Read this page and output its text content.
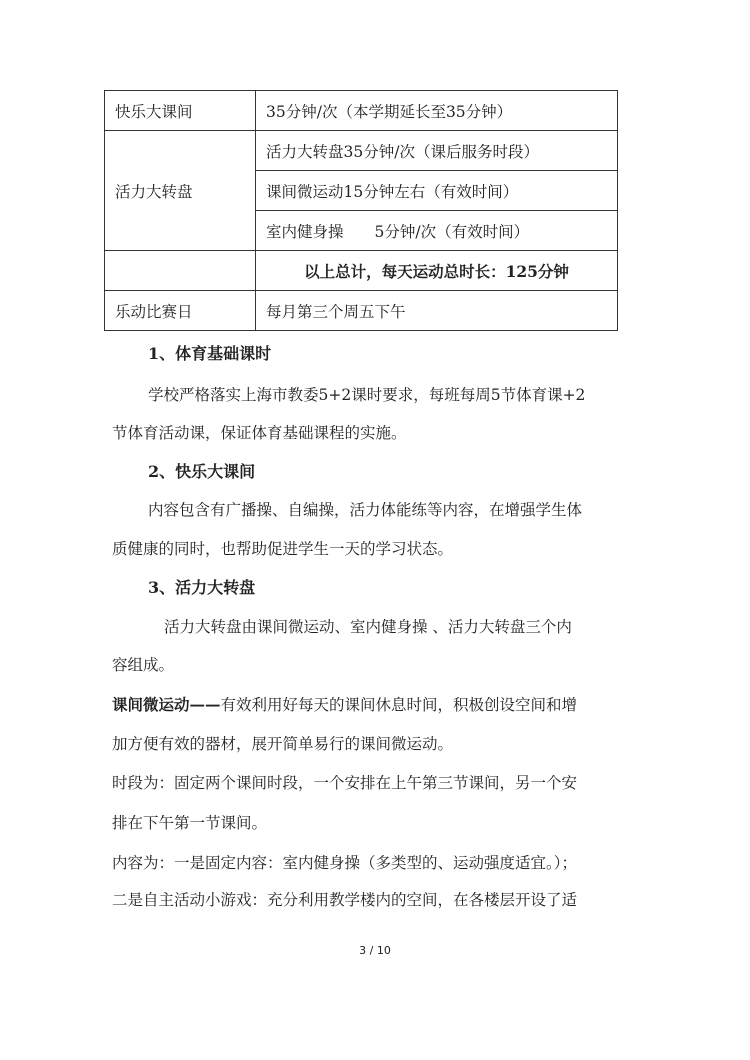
快乐大课间	35分钟/次（本学期延长至35分钟）
活力大转盘	活力大转盘35分钟/次（课后服务时段）
	课间微运动15分钟左右（有效时间）
	室内健身操　　5分钟/次（有效时间）
	以上总计，每天运动总时长：125分钟
乐动比赛日	每月第三个周五下午
1、体育基础课时
学校严格落实上海市教委5+2课时要求，每班每周5节体育课+2
节体育活动课，保证体育基础课程的实施。
2、快乐大课间
内容包含有广播操、自编操，活力体能练等内容，在增强学生体
质健康的同时，也帮助促进学生一天的学习状态。
3、活力大转盘
活力大转盘由课间微运动、室内健身操 、活力大转盘三个内
容组成。
课间微运动——有效利用好每天的课间休息时间，积极创设空间和增
加方便有效的器材，展开简单易行的课间微运动。
时段为：固定两个课间时段，一个安排在上午第三节课间，另一个安
排在下午第一节课间。
内容为：一是固定内容：室内健身操（多类型的、运动强度适宜。）；
二是自主活动小游戏：充分利用教学楼内的空间，在各楼层开设了适
3 / 10
